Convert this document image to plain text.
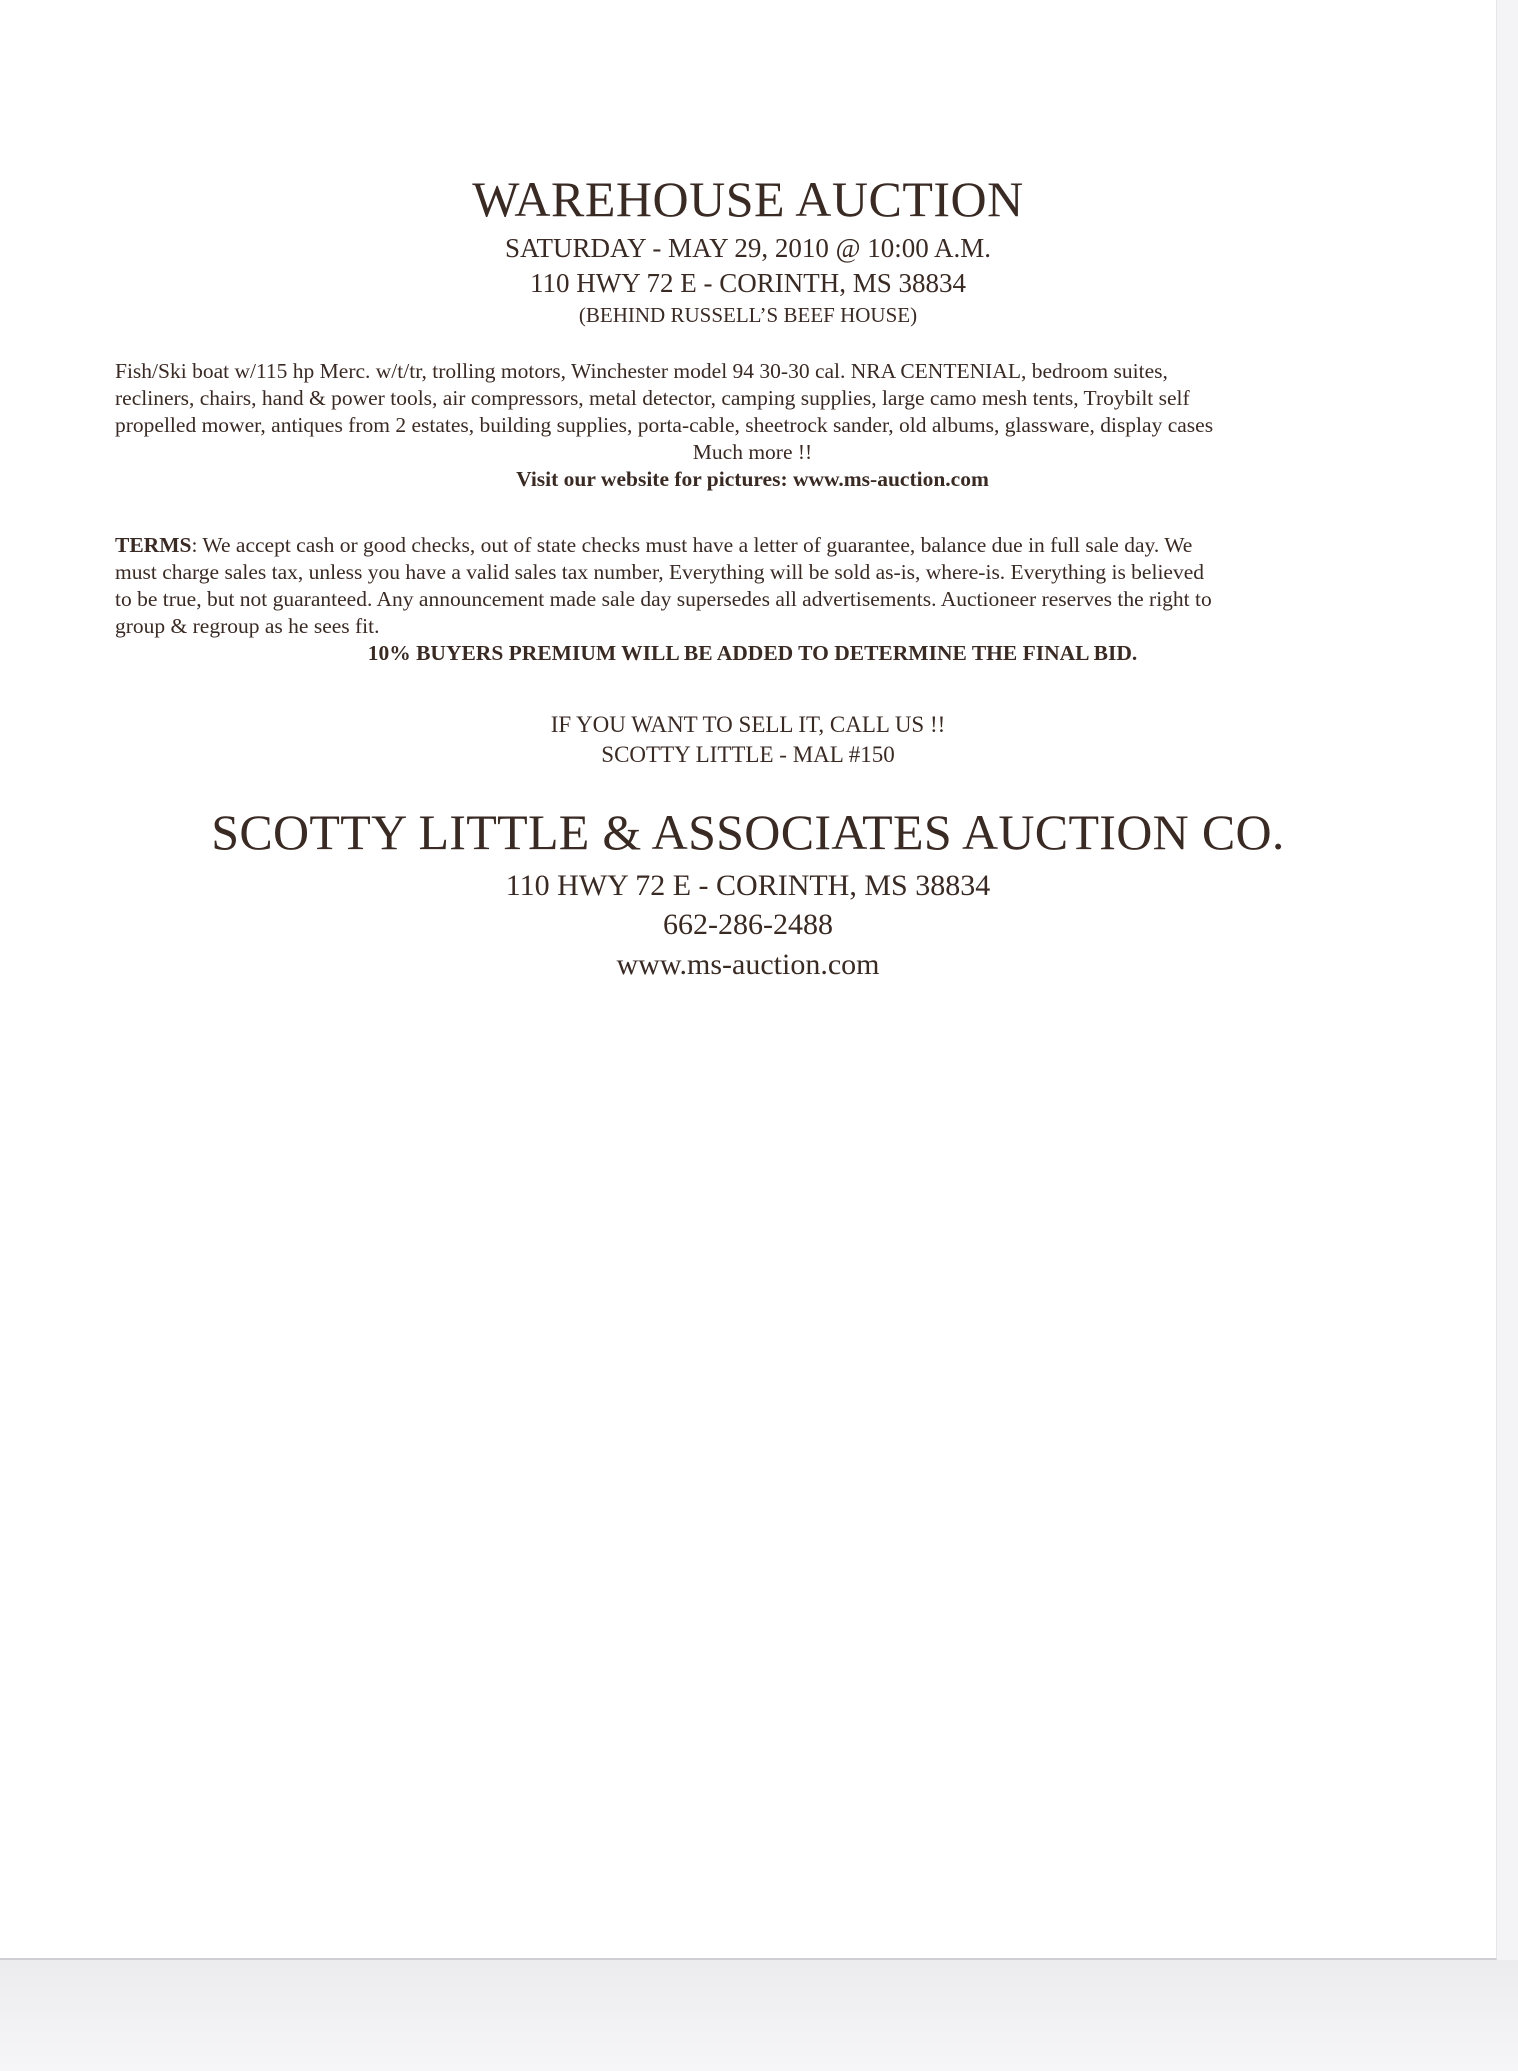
WAREHOUSE AUCTION
SATURDAY - MAY 29, 2010 @ 10:00 A.M.
110 HWY 72 E - CORINTH, MS 38834
(BEHIND RUSSELL’S BEEF HOUSE)
Fish/Ski boat w/115 hp Merc. w/t/tr, trolling motors, Winchester model 94 30-30 cal. NRA CENTENIAL, bedroom suites,
recliners, chairs, hand & power tools, air compressors, metal detector, camping supplies, large camo mesh tents, Troybilt self
propelled mower, antiques from 2 estates, building supplies, porta-cable, sheetrock sander, old albums, glassware, display cases
Much more !!
Visit our website for pictures: www.ms-auction.com
TERMS: We accept cash or good checks, out of state checks must have a letter of guarantee, balance due in full sale day. We
must charge sales tax, unless you have a valid sales tax number, Everything will be sold as-is, where-is. Everything is believed
to be true, but not guaranteed. Any announcement made sale day supersedes all advertisements. Auctioneer reserves the right to
group & regroup as he sees fit.
10% BUYERS PREMIUM WILL BE ADDED TO DETERMINE THE FINAL BID.
IF YOU WANT TO SELL IT, CALL US !!
SCOTTY LITTLE - MAL #150
SCOTTY LITTLE & ASSOCIATES AUCTION CO.
110 HWY 72 E - CORINTH, MS 38834
662-286-2488
www.ms-auction.com
